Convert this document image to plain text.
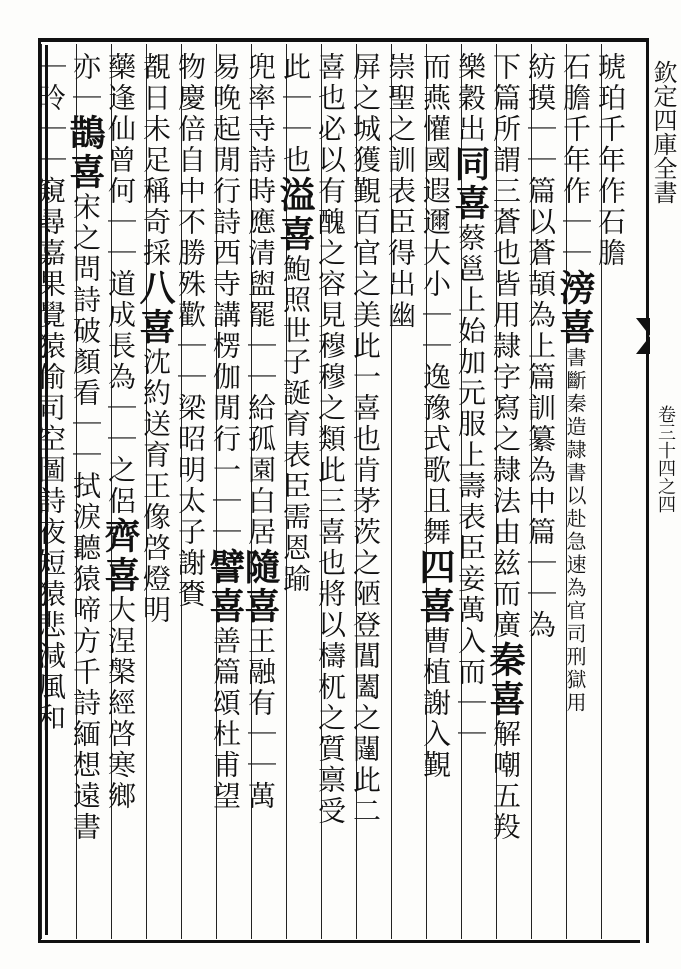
欽定四庫全書
卷三十四之四
琥珀千年作石膽
石膽千年作｜｜滂喜書斷秦造隷書以赴急速為官司刑獄用
紡摸｜｜篇以蒼頡為上篇訓纂為中篇｜｜為
下篇所謂三蒼也皆用隷字寫之隷法由兹而廣秦喜解嘲五羖
樂穀出同喜蔡邕上始加元服上壽表臣妾萬入而｜｜
而燕懽國遐邇大小｜｜逸豫式歌且舞四喜曹植謝入覲
崇聖之訓表臣得出幽
屏之城獲覲百官之美此一喜也肯茅茨之陋登閶闔之闥此二
喜也必以有醜之容見穆穆之類此三喜也將以檮杌之質禀受
此｜｜也溢喜鮑照世子誕育表臣需恩踰
兜率寺詩時應清盥罷｜｜給孤園白居隨喜王融有｜｜萬
易晚起閒行詩西寺講楞伽閒行一｜｜譬喜善篇頌杜甫望
物慶倍自中不勝殊歡｜｜梁昭明太子謝賚
覩日未足稱奇採八喜沈約送育王像啓燈明
藥逢仙曾何｜｜道成長為｜｜之侶齊喜大涅槃經啓寒鄉
亦｜鵲喜宋之問詩破顏看｜｜拭淚聽猿啼方千詩緬想遠書
｜昤｜｜窺尋嘉果覺猿偷司空圖詩夜短猿悲減風和
